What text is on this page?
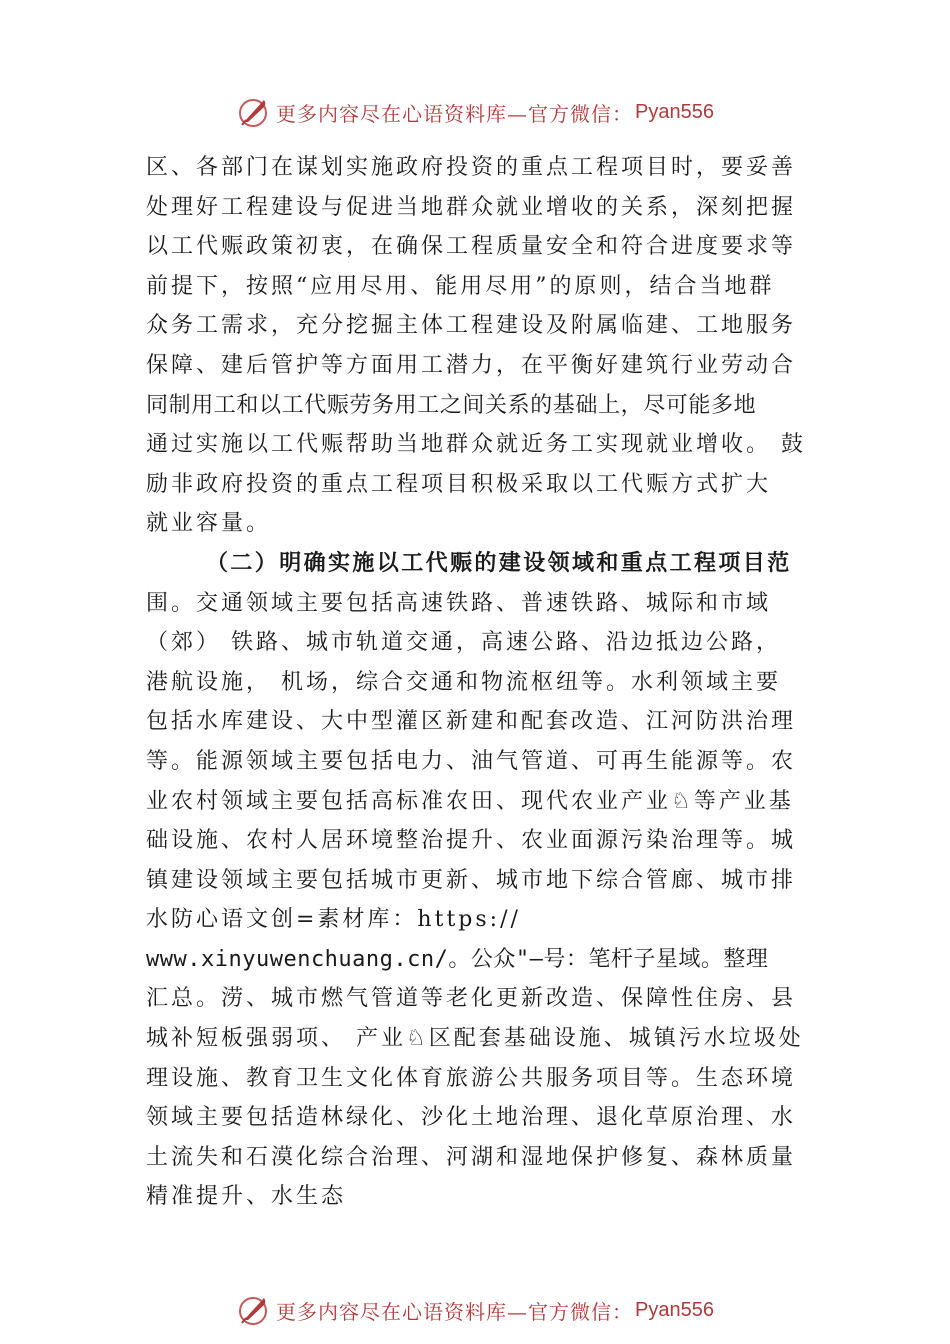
更多内容尽在心语资料库—官方微信： Pyan556
区、各部门在谋划实施政府投资的重点工程项目时，要妥善
处理好工程建设与促进当地群众就业增收的关系，深刻把握
以工代赈政策初衷，在确保工程质量安全和符合进度要求等
前提下，按照“应用尽用、能用尽用”的原则，结合当地群
众务工需求，充分挖掘主体工程建设及附属临建、工地服务
保障、建后管护等方面用工潜力，在平衡好建筑行业劳动合
同制用工和以工代赈劳务用工之间关系的基础上，尽可能多地
通过实施以工代赈帮助当地群众就近务工实现就业增收。 鼓
励非政府投资的重点工程项目积极采取以工代赈方式扩大
就业容量。
（二）明确实施以工代赈的建设领域和重点工程项目范
围。交通领域主要包括高速铁路、普速铁路、城际和市域
（郊） 铁路、城市轨道交通，高速公路、沿边抵边公路，
港航设施， 机场，综合交通和物流枢纽等。水利领域主要
包括水库建设、大中型灌区新建和配套改造、江河防洪治理
等。能源领域主要包括电力、油气管道、可再生能源等。农
业农村领域主要包括高标准农田、现代农业产业♘等产业基
础设施、农村人居环境整治提升、农业面源污染治理等。城
镇建设领域主要包括城市更新、城市地下综合管廊、城市排
水防心语文创=素材库：https://
www.xinyuwenchuang.cn/。公众"—号：笔杆子星域。整理
汇总。涝、城市燃气管道等老化更新改造、保障性住房、县
城补短板强弱项、 产业♘区配套基础设施、城镇污水垃圾处
理设施、教育卫生文化体育旅游公共服务项目等。生态环境
领域主要包括造林绿化、沙化土地治理、退化草原治理、水
土流失和石漠化综合治理、河湖和湿地保护修复、森林质量
精准提升、水生态
更多内容尽在心语资料库—官方微信： Pyan556
